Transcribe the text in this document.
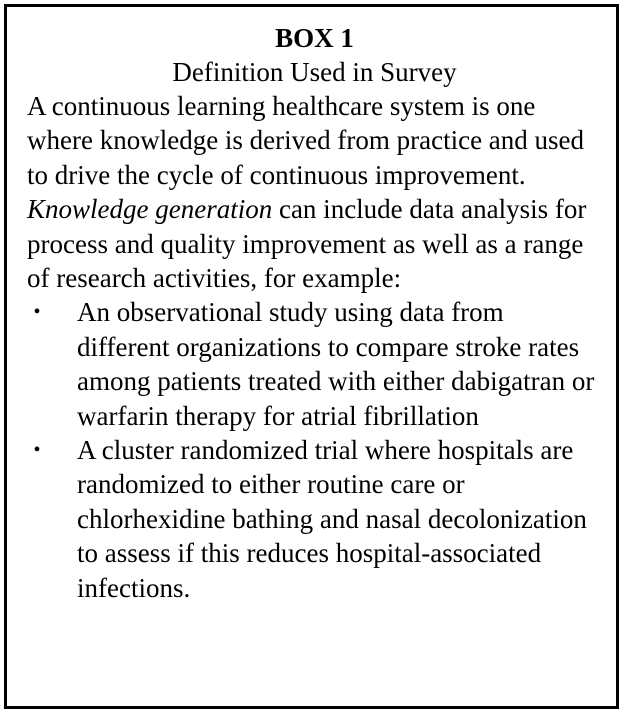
BOX 1
Definition Used in Survey

A continuous learning healthcare system is one where knowledge is derived from practice and used to drive the cycle of continuous improvement. Knowledge generation can include data analysis for process and quality improvement as well as a range of research activities, for example:

• An observational study using data from different organizations to compare stroke rates among patients treated with either dabigatran or warfarin therapy for atrial fibrillation
• A cluster randomized trial where hospitals are randomized to either routine care or chlorhexidine bathing and nasal decolonization to assess if this reduces hospital-associated infections.
